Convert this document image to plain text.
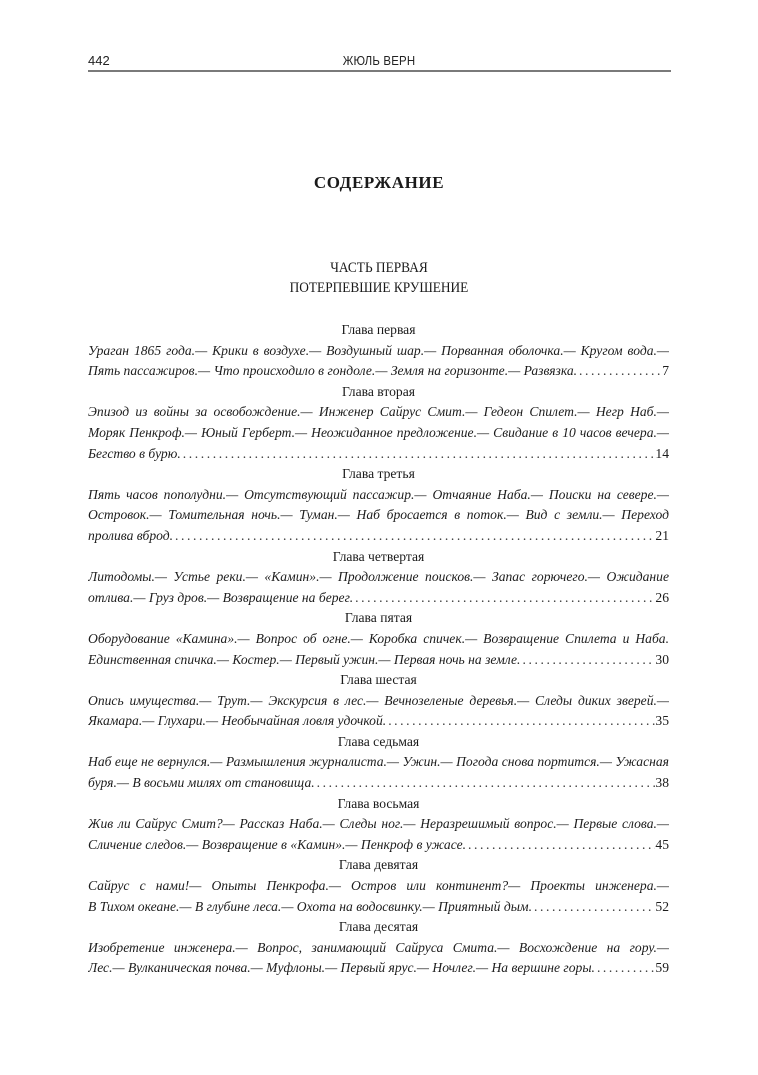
442	ЖЮЛЬ ВЕРН
СОДЕРЖАНИЕ
ЧАСТЬ ПЕРВАЯ
ПОТЕРПЕВШИЕ КРУШЕНИЕ
Глава первая
Ураган 1865 года.— Крики в воздухе.— Воздушный шар.— Порванная оболочка.— Кругом вода.—
Пять пассажиров.— Что происходило в гондоле.— Земля на горизонте.— Развязка. . . .	7
Глава вторая
Эпизод из войны за освобождение.— Инженер Сайрус Смит.— Гедеон Спилет.— Негр Наб.—
Моряк Пенкроф.— Юный Герберт.— Неожиданное предложение.— Свидание в 10 часов вечера.—
Бегство в бурю. . . .	14
Глава третья
Пять часов пополудни.— Отсутствующий пассажир.— Отчаяние Наба.— Поиски на севере.—
Островок.— Томительная ночь.— Туман.— Наб бросается в поток.— Вид с земли.— Переход
пролива вброд. . . .	21
Глава четвертая
Литодомы.— Устье реки.— «Камин».— Продолжение поисков.— Запас горючего.— Ожидание
отлива.— Груз дров.— Возвращение на берег. . . .	26
Глава пятая
Оборудование «Камина».— Вопрос об огне.— Коробка спичек.— Возвращение Спилета и Наба.
Единственная спичка.— Костер.— Первый ужин.— Первая ночь на земле. . . .	30
Глава шестая
Опись имущества.— Трут.— Экскурсия в лес.— Вечнозеленые деревья.— Следы диких зверей.—
Якамара.— Глухари.— Необычайная ловля удочкой. . . .	35
Глава седьмая
Наб еще не вернулся.— Размышления журналиста.— Ужин.— Погода снова портится.— Ужасная
буря.— В восьми милях от становища. . . .	38
Глава восьмая
Жив ли Сайрус Смит?— Рассказ Наба.— Следы ног.— Неразрешимый вопрос.— Первые слова.—
Сличение следов.— Возвращение в «Камин».— Пенкроф в ужасе. . . .	45
Глава девятая
Сайрус с нами!— Опыты Пенкрофа.— Остров или континент?— Проекты инженера.—
В Тихом океане.— В глубине леса.— Охота на водосвинку.— Приятный дым. . . .	52
Глава десятая
Изобретение инженера.— Вопрос, занимающий Сайруса Смита.— Восхождение на гору.—
Лес.— Вулканическая почва.— Муфлоны.— Первый ярус.— Ночлег.— На вершине горы. . . .	59
